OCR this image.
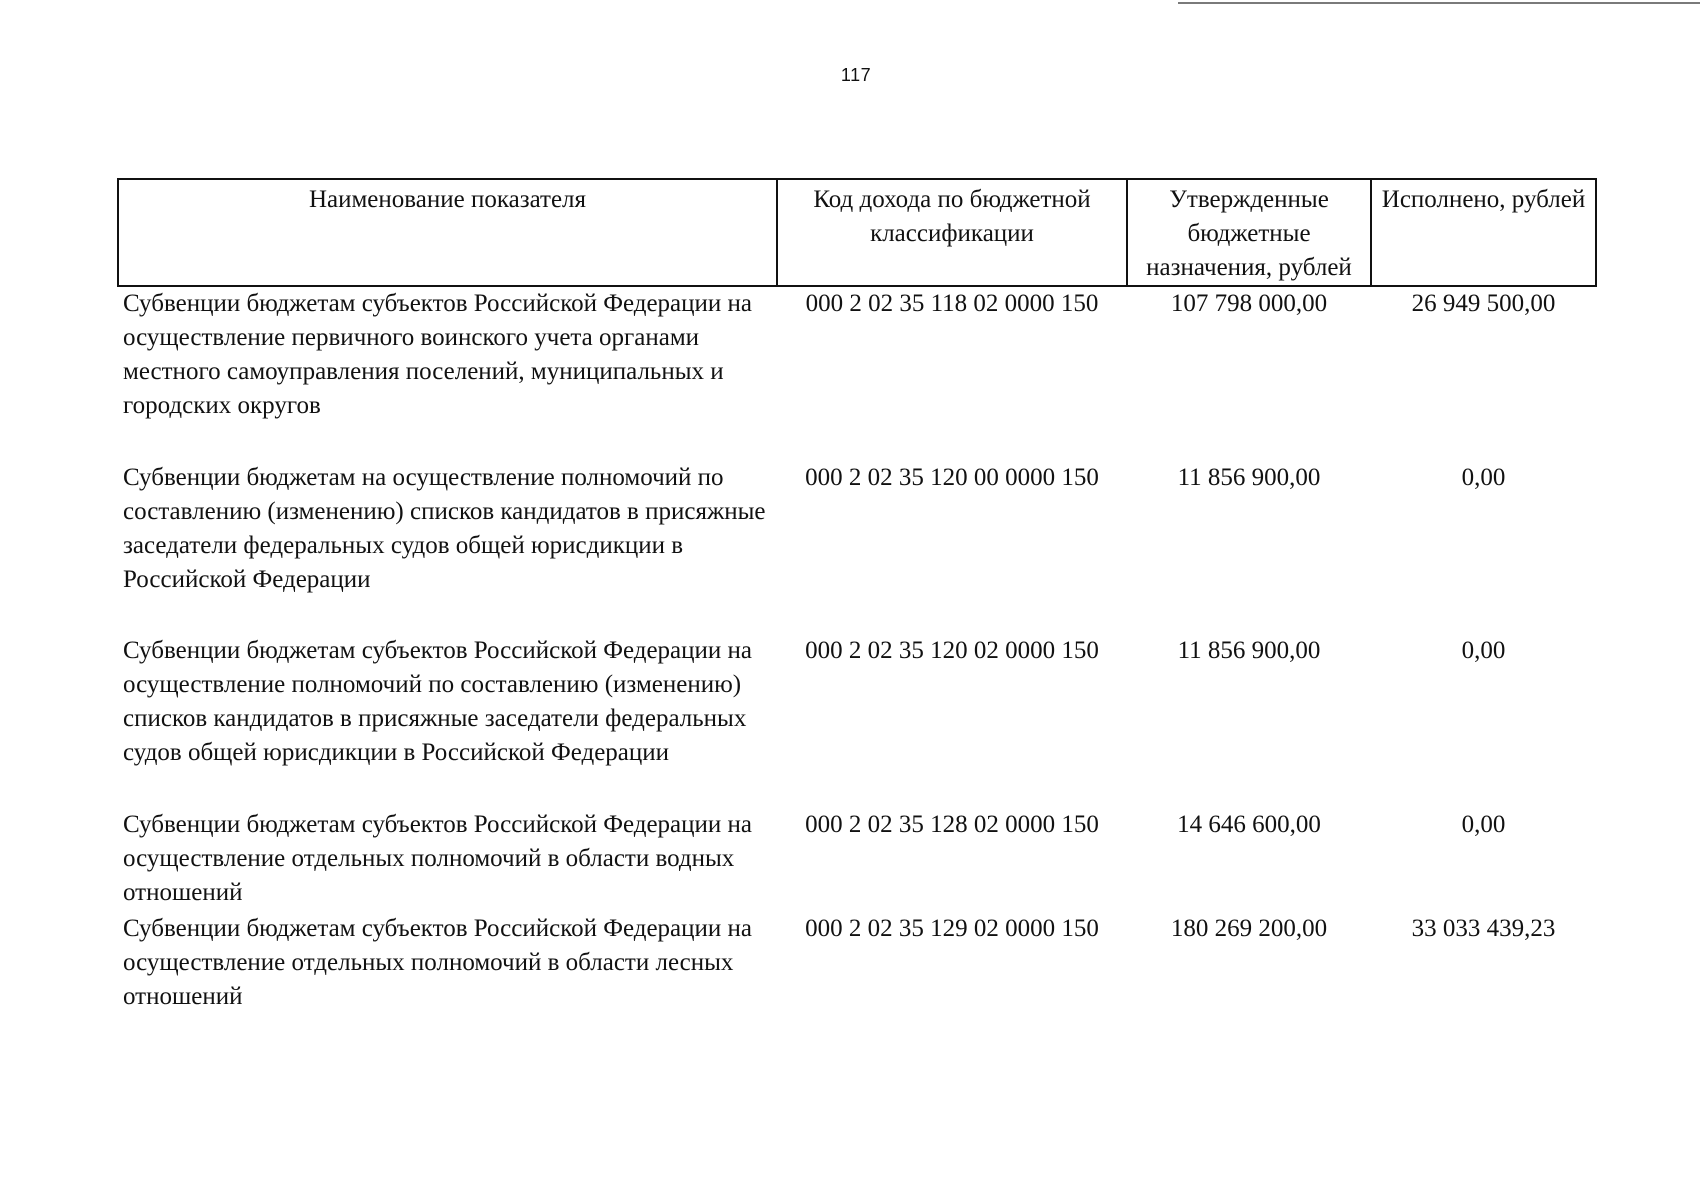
117
Наименование показателя	Код дохода по бюджетной классификации	Утвержденные бюджетные назначения, рублей	Исполнено, рублей
Субвенции бюджетам субъектов Российской Федерации на осуществление первичного воинского учета органами местного самоуправления поселений, муниципальных и городских округов	000 2 02 35 118 02 0000 150	107 798 000,00	26 949 500,00
Субвенции бюджетам на осуществление полномочий по составлению (изменению) списков кандидатов в присяжные заседатели федеральных судов общей юрисдикции в Российской Федерации	000 2 02 35 120 00 0000 150	11 856 900,00	0,00
Субвенции бюджетам субъектов Российской Федерации на осуществление полномочий по составлению (изменению) списков кандидатов в присяжные заседатели федеральных судов общей юрисдикции в Российской Федерации	000 2 02 35 120 02 0000 150	11 856 900,00	0,00
Субвенции бюджетам субъектов Российской Федерации на осуществление отдельных полномочий в области водных отношений	000 2 02 35 128 02 0000 150	14 646 600,00	0,00
Субвенции бюджетам субъектов Российской Федерации на осуществление отдельных полномочий в области лесных отношений	000 2 02 35 129 02 0000 150	180 269 200,00	33 033 439,23
